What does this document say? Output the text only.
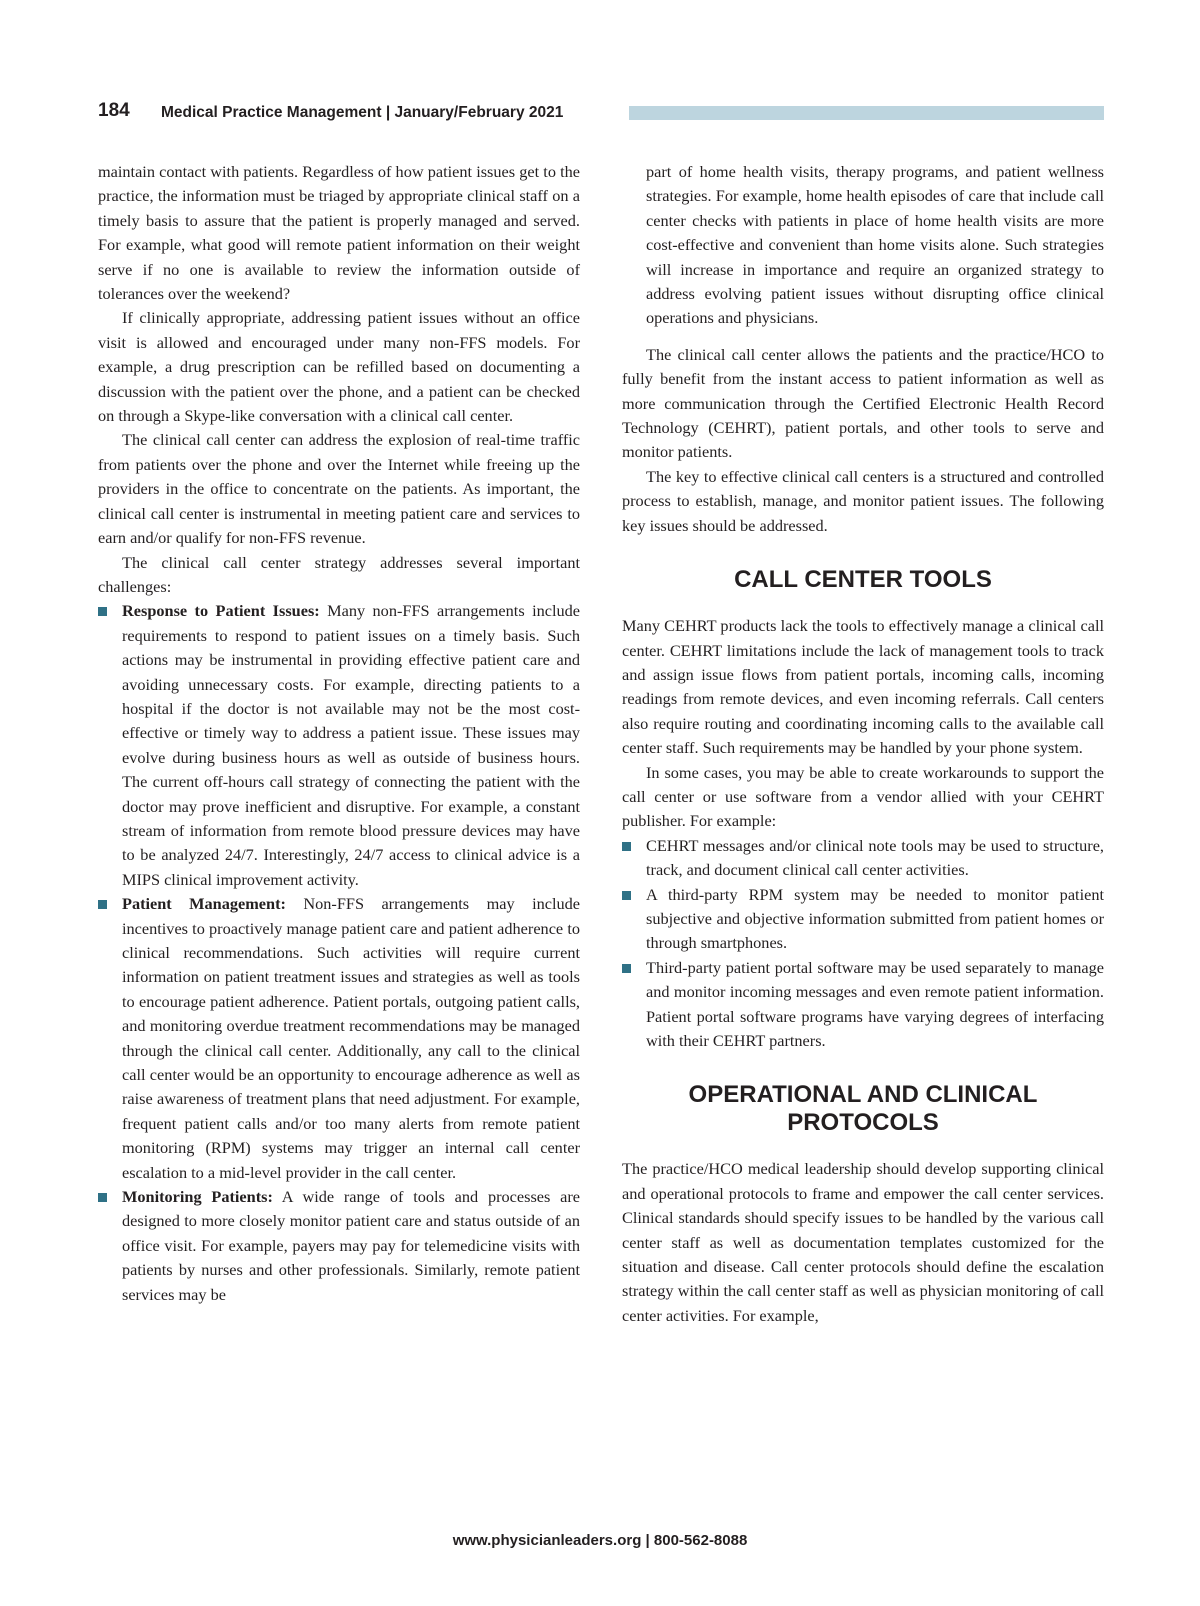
184 Medical Practice Management | January/February 2021

maintain contact with patients. Regardless of how patient issues get to the practice, the information must be triaged by appropriate clinical staff on a timely basis to assure that the patient is properly managed and served. For example, what good will remote patient information on their weight serve if no one is available to review the information outside of tolerances over the weekend?

If clinically appropriate, addressing patient issues without an office visit is allowed and encouraged under many non-FFS models. For example, a drug prescription can be refilled based on documenting a discussion with the patient over the phone, and a patient can be checked on through a Skype-like conversation with a clinical call center.

The clinical call center can address the explosion of real-time traffic from patients over the phone and over the Internet while freeing up the providers in the office to concentrate on the patients. As important, the clinical call center is instrumental in meeting patient care and services to earn and/or qualify for non-FFS revenue.

The clinical call center strategy addresses several important challenges:

Response to Patient Issues: Many non-FFS arrangements include requirements to respond to patient issues on a timely basis. Such actions may be instrumental in providing effective patient care and avoiding unnecessary costs. For example, directing patients to a hospital if the doctor is not available may not be the most cost-effective or timely way to address a patient issue. These issues may evolve during business hours as well as outside of business hours. The current off-hours call strategy of connecting the patient with the doctor may prove inefficient and disruptive. For example, a constant stream of information from remote blood pressure devices may have to be analyzed 24/7. Interestingly, 24/7 access to clinical advice is a MIPS clinical improvement activity.
Patient Management: Non-FFS arrangements may include incentives to proactively manage patient care and patient adherence to clinical recommendations. Such activities will require current information on patient treatment issues and strategies as well as tools to encourage patient adherence. Patient portals, outgoing patient calls, and monitoring overdue treatment recommendations may be managed through the clinical call center. Additionally, any call to the clinical call center would be an opportunity to encourage adherence as well as raise awareness of treatment plans that need adjustment. For example, frequent patient calls and/or too many alerts from remote patient monitoring (RPM) systems may trigger an internal call center escalation to a mid-level provider in the call center.
Monitoring Patients: A wide range of tools and processes are designed to more closely monitor patient care and status outside of an office visit. For example, payers may pay for telemedicine visits with patients by nurses and other professionals. Similarly, remote patient services may be

part of home health visits, therapy programs, and patient wellness strategies. For example, home health episodes of care that include call center checks with patients in place of home health visits are more cost-effective and convenient than home visits alone. Such strategies will increase in importance and require an organized strategy to address evolving patient issues without disrupting office clinical operations and physicians.

The clinical call center allows the patients and the practice/HCO to fully benefit from the instant access to patient information as well as more communication through the Certified Electronic Health Record Technology (CEHRT), patient portals, and other tools to serve and monitor patients.

The key to effective clinical call centers is a structured and controlled process to establish, manage, and monitor patient issues. The following key issues should be addressed.

CALL CENTER TOOLS

Many CEHRT products lack the tools to effectively manage a clinical call center. CEHRT limitations include the lack of management tools to track and assign issue flows from patient portals, incoming calls, incoming readings from remote devices, and even incoming referrals. Call centers also require routing and coordinating incoming calls to the available call center staff. Such requirements may be handled by your phone system.

In some cases, you may be able to create workarounds to support the call center or use software from a vendor allied with your CEHRT publisher. For example:

CEHRT messages and/or clinical note tools may be used to structure, track, and document clinical call center activities.
A third-party RPM system may be needed to monitor patient subjective and objective information submitted from patient homes or through smartphones.
Third-party patient portal software may be used separately to manage and monitor incoming messages and even remote patient information. Patient portal software programs have varying degrees of interfacing with their CEHRT partners.
OPERATIONAL AND CLINICAL PROTOCOLS

The practice/HCO medical leadership should develop supporting clinical and operational protocols to frame and empower the call center services. Clinical standards should specify issues to be handled by the various call center staff as well as documentation templates customized for the situation and disease. Call center protocols should define the escalation strategy within the call center staff as well as physician monitoring of call center activities. For example,

www.physicianleaders.org | 800-562-8088
